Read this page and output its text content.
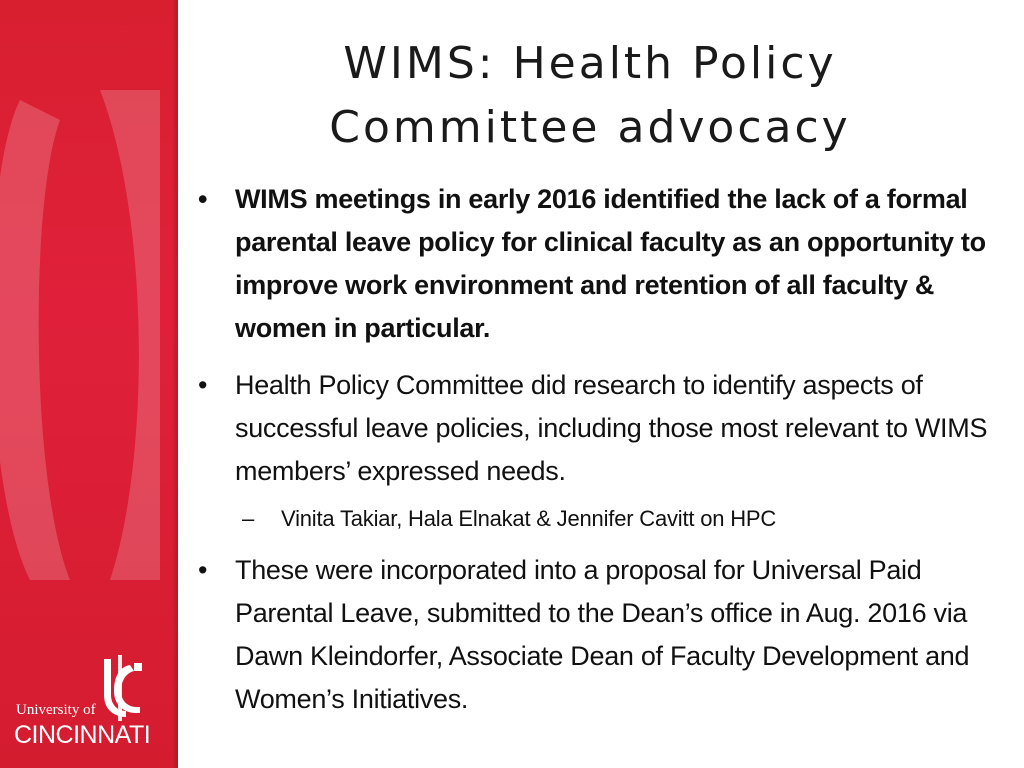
University of
CINCINNATI
WIMS: Health Policy
Committee advocacy
• WIMS meetings in early 2016 identified the lack of a formal parental leave policy for clinical faculty as an opportunity to improve work environment and retention of all faculty & women in particular.
• Health Policy Committee did research to identify aspects of successful leave policies, including those most relevant to WIMS members’ expressed needs.
– Vinita Takiar, Hala Elnakat & Jennifer Cavitt on HPC
• These were incorporated into a proposal for Universal Paid Parental Leave, submitted to the Dean’s office in Aug. 2016 via Dawn Kleindorfer, Associate Dean of Faculty Development and Women’s Initiatives.
